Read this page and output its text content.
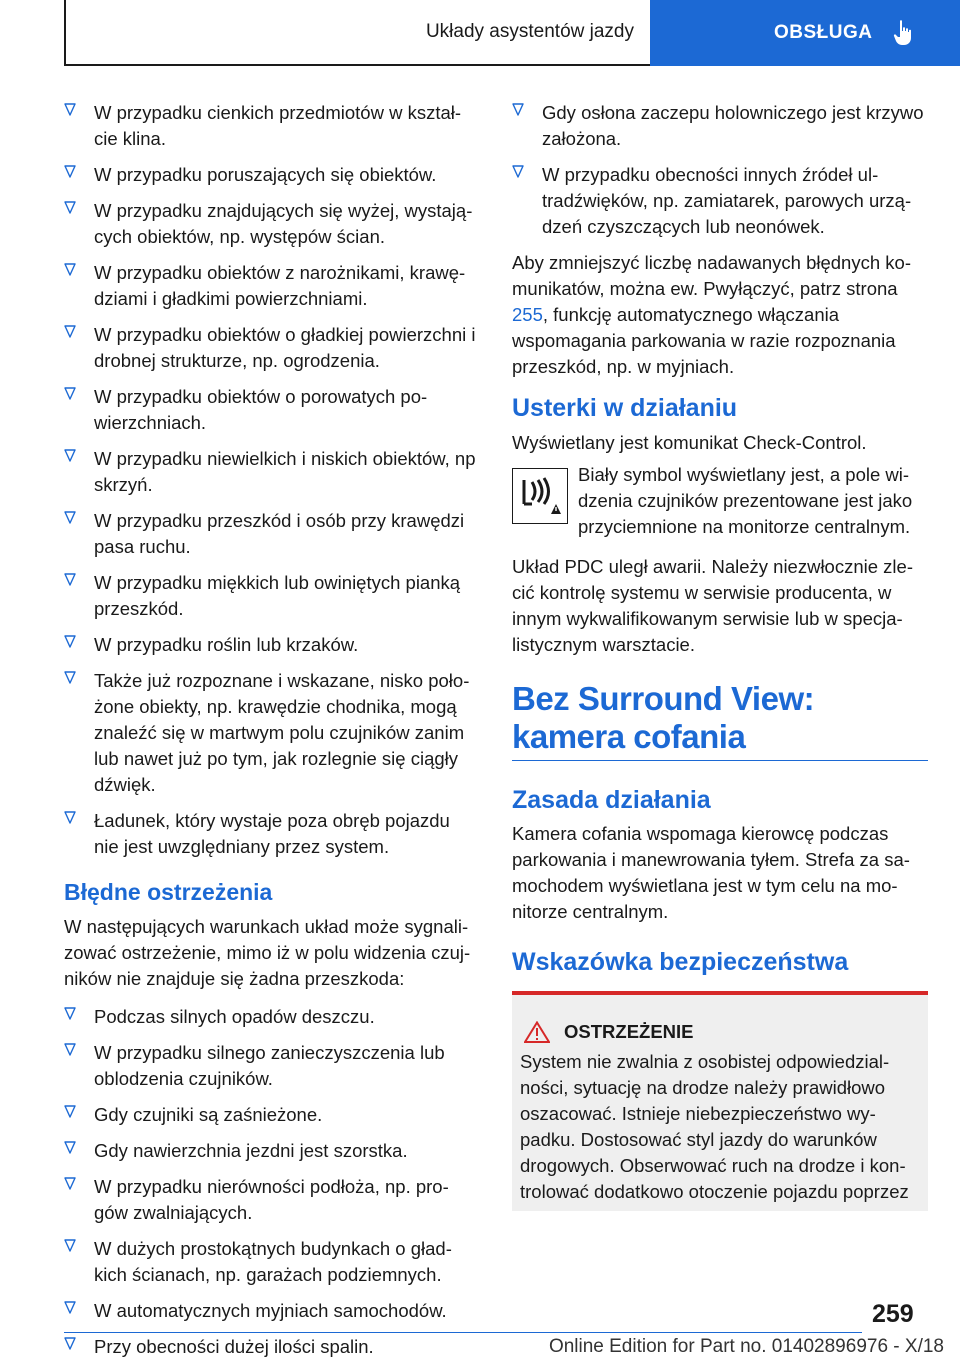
Układy asystentów jazdy	OBSŁUGA
W przypadku cienkich przedmiotów w kształcie klina.
W przypadku poruszających się obiektów.
W przypadku znajdujących się wyżej, wystających obiektów, np. występów ścian.
W przypadku obiektów z narożnikami, krawędziami i gładkimi powierzchniami.
W przypadku obiektów o gładkiej powierzchni i drobnej strukturze, np. ogrodzenia.
W przypadku obiektów o porowatych powierzchniach.
W przypadku niewielkich i niskich obiektów, np skrzyń.
W przypadku przeszkód i osób przy krawędzi pasa ruchu.
W przypadku miękkich lub owiniętych pianką przeszkód.
W przypadku roślin lub krzaków.
Także już rozpoznane i wskazane, nisko położone obiekty, np. krawędzie chodnika, mogą znaleźć się w martwym polu czujników zanim lub nawet już po tym, jak rozlegnie się ciągły dźwięk.
Ładunek, który wystaje poza obręb pojazdu nie jest uwzględniany przez system.
Błędne ostrzeżenia

W następujących warunkach układ może sygnalizować ostrzeżenie, mimo iż w polu widzenia czujników nie znajduje się żadna przeszkoda:

Podczas silnych opadów deszczu.
W przypadku silnego zanieczyszczenia lub oblodzenia czujników.
Gdy czujniki są zaśnieżone.
Gdy nawierzchnia jezdni jest szorstka.
W przypadku nierówności podłoża, np. progów zwalniających.
W dużych prostokątnych budynkach o gładkich ścianach, np. garażach podziemnych.
W automatycznych myjniach samochodów.
Przy obecności dużej ilości spalin.
Gdy osłona zaczepu holowniczego jest krzywo założona.
W przypadku obecności innych źródeł ultradźwięków, np. zamiatarek, parowych urządzeń czyszczących lub neonówek.

Aby zmniejszyć liczbę nadawanych błędnych komunikatów, można ew. Pwyłączyć, patrz strona 255, funkcję automatycznego włączania wspomagania parkowania w razie rozpoznania przeszkód, np. w myjniach.

Usterki w działaniu

Wyświetlany jest komunikat Check-Control.

Biały symbol wyświetlany jest, a pole widzenia czujników prezentowane jest jako przyciemnione na monitorze centralnym.

Układ PDC uległ awarii. Należy niezwłocznie zlecić kontrolę systemu w serwisie producenta, w innym wykwalifikowanym serwisie lub w specjalistycznym warsztacie.

Bez Surround View: kamera cofania
Zasada działania

Kamera cofania wspomaga kierowcę podczas parkowania i manewrowania tyłem. Strefa za samochodem wyświetlana jest w tym celu na monitorze centralnym.

Wskazówka bezpieczeństwa
OSTRZEŻENIE
System nie zwalnia z osobistej odpowiedzialności, sytuację na drodze należy prawidłowo oszacować. Istnieje niebezpieczeństwo wypadku. Dostosować styl jazdy do warunków drogowych. Obserwować ruch na drodze i kontrolować dodatkowo otoczenie pojazdu poprzez
259
Online Edition for Part no. 01402896976 - X/18
